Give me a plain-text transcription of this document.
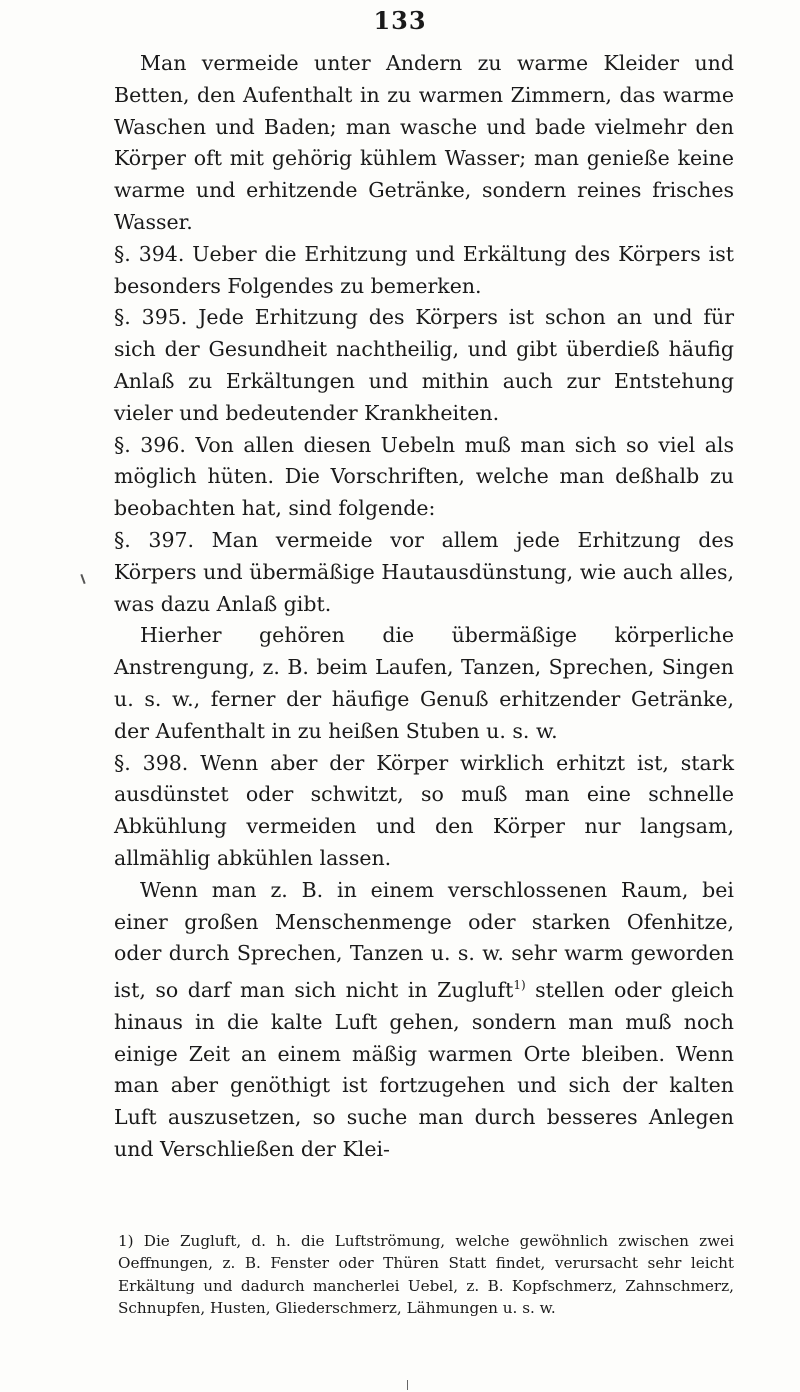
133

Man vermeide unter Andern zu warme Kleider und Betten, den Aufenthalt in zu warmen Zimmern, das warme Waschen und Baden; man wasche und bade vielmehr den Körper oft mit gehörig kühlem Wasser; man genieße keine warme und erhitzende Getränke, sondern reines frisches Wasser.

§. 394. Ueber die Erhitzung und Erkältung des Körpers ist besonders Folgendes zu bemerken.

§. 395. Jede Erhitzung des Körpers ist schon an und für sich der Gesundheit nachtheilig, und gibt überdieß häufig Anlaß zu Erkältungen und mithin auch zur Entstehung vieler und bedeutender Krankheiten.

§. 396. Von allen diesen Uebeln muß man sich so viel als möglich hüten. Die Vorschriften, welche man deßhalb zu beobachten hat, sind folgende:

§. 397. Man vermeide vor allem jede Erhitzung des Körpers und übermäßige Hautausdünstung, wie auch alles, was dazu Anlaß gibt.

Hierher gehören die übermäßige körperliche Anstrengung, z. B. beim Laufen, Tanzen, Sprechen, Singen u. s. w., ferner der häufige Genuß erhitzender Getränke, der Aufenthalt in zu heißen Stuben u. s. w.

§. 398. Wenn aber der Körper wirklich erhitzt ist, stark ausdünstet oder schwitzt, so muß man eine schnelle Abkühlung vermeiden und den Körper nur langsam, allmählig abkühlen lassen.

Wenn man z. B. in einem verschlossenen Raum, bei einer großen Menschenmenge oder starken Ofenhitze, oder durch Sprechen, Tanzen u. s. w. sehr warm geworden ist, so darf man sich nicht in Zugluft$^{1)}$ stellen oder gleich hinaus in die kalte Luft gehen, sondern man muß noch einige Zeit an einem mäßig warmen Orte bleiben. Wenn man aber genöthigt ist fortzugehen und sich der kalten Luft auszusetzen, so suche man durch besseres Anlegen und Verschließen der Klei-

1) Die Zugluft, d. h. die Luftströmung, welche gewöhnlich zwischen zwei Oeffnungen, z. B. Fenster oder Thüren Statt findet, verursacht sehr leicht Erkältung und dadurch mancherlei Uebel, z. B. Kopfschmerz, Zahnschmerz, Schnupfen, Husten, Gliederschmerz, Lähmungen u. s. w.
